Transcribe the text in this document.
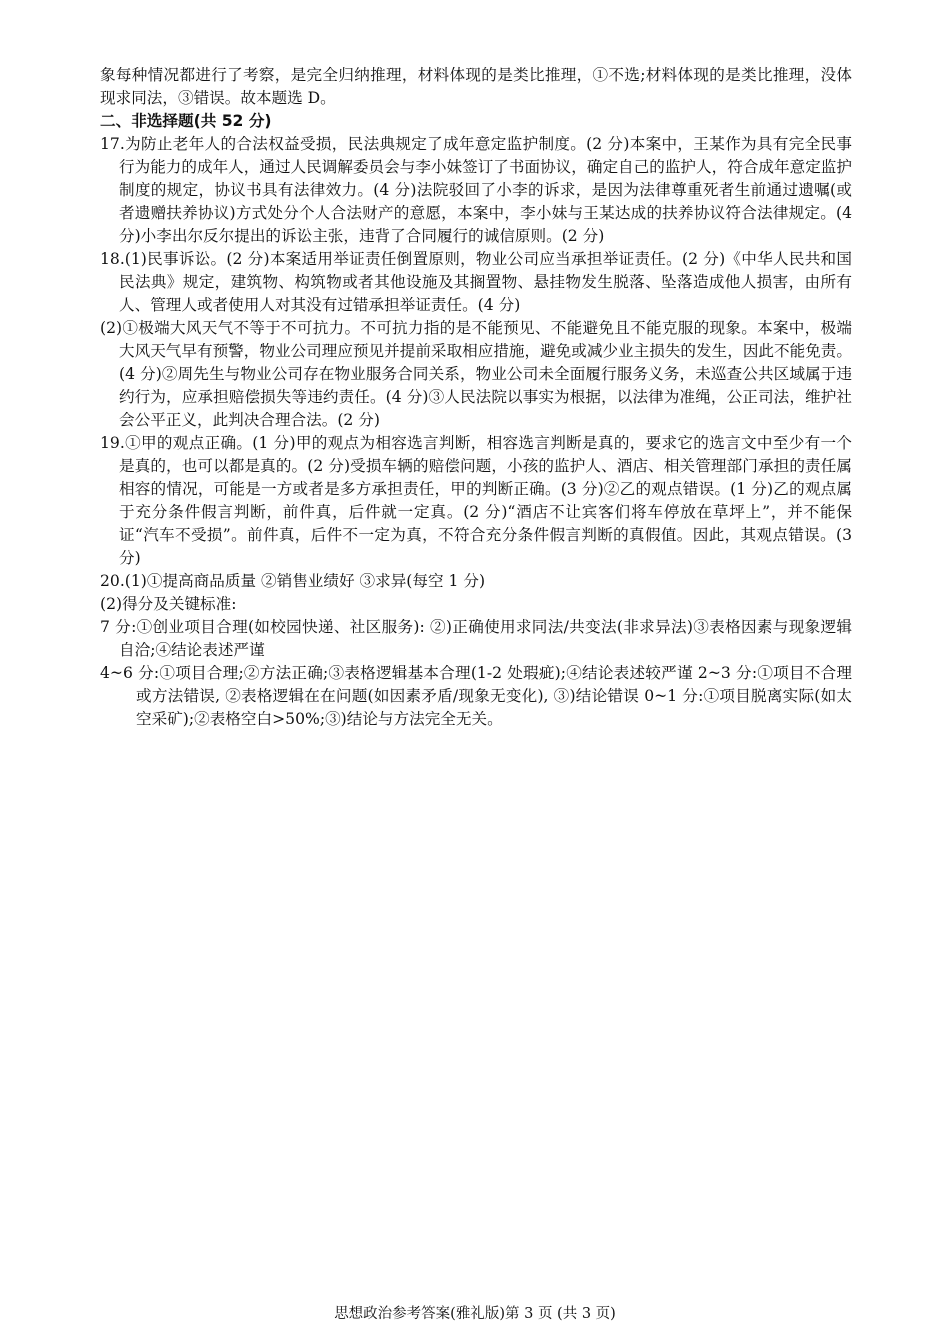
象每种情况都进行了考察，是完全归纳推理，材料体现的是类比推理，①不选;材料体现的是类比推理，没体现求同法，③错误。故本题选 D。

二、非选择题(共 52 分)

17.为防止老年人的合法权益受损，民法典规定了成年意定监护制度。(2 分)本案中，王某作为具有完全民事行为能力的成年人，通过人民调解委员会与李小妹签订了书面协议，确定自己的监护人，符合成年意定监护制度的规定，协议书具有法律效力。(4 分)法院驳回了小李的诉求，是因为法律尊重死者生前通过遗嘱(或者遗赠扶养协议)方式处分个人合法财产的意愿，本案中，李小妹与王某达成的扶养协议符合法律规定。(4 分)小李出尔反尔提出的诉讼主张，违背了合同履行的诚信原则。(2 分)

18.(1)民事诉讼。(2 分)本案适用举证责任倒置原则，物业公司应当承担举证责任。(2 分)《中华人民共和国民法典》规定，建筑物、构筑物或者其他设施及其搁置物、悬挂物发生脱落、坠落造成他人损害，由所有人、管理人或者使用人对其没有过错承担举证责任。(4 分)

(2)①极端大风天气不等于不可抗力。不可抗力指的是不能预见、不能避免且不能克服的现象。本案中，极端大风天气早有预警，物业公司理应预见并提前采取相应措施，避免或减少业主损失的发生，因此不能免责。(4 分)②周先生与物业公司存在物业服务合同关系，物业公司未全面履行服务义务，未巡查公共区域属于违约行为，应承担赔偿损失等违约责任。(4 分)③人民法院以事实为根据，以法律为准绳，公正司法，维护社会公平正义，此判决合理合法。(2 分)

19.①甲的观点正确。(1 分)甲的观点为相容选言判断，相容选言判断是真的，要求它的选言文中至少有一个是真的，也可以都是真的。(2 分)受损车辆的赔偿问题，小孩的监护人、酒店、相关管理部门承担的责任属相容的情况，可能是一方或者是多方承担责任，甲的判断正确。(3 分)②乙的观点错误。(1 分)乙的观点属于充分条件假言判断，前件真，后件就一定真。(2 分)“酒店不让宾客们将车停放在草坪上”，并不能保证“汽车不受损”。前件真，后件不一定为真，不符合充分条件假言判断的真假值。因此，其观点错误。(3 分)

20.(1)①提高商品质量 ②销售业绩好 ③求异(每空 1 分)

(2)得分及关键标准:

7 分:①创业项目合理(如校园快递、社区服务): ②)正确使用求同法/共变法(非求异法)③表格因素与现象逻辑自洽;④结论表述严谨

4~6 分:①项目合理;②方法正确;③表格逻辑基本合理(1-2 处瑕疵);④结论表述较严谨 2~3 分:①项目不合理或方法错误, ②表格逻辑在在问题(如因素矛盾/现象无变化), ③)结论错误 0~1 分:①项目脱离实际(如太空采矿);②表格空白>50%;③)结论与方法完全无关。

思想政治参考答案(雅礼版)第 3 页 (共 3 页)
